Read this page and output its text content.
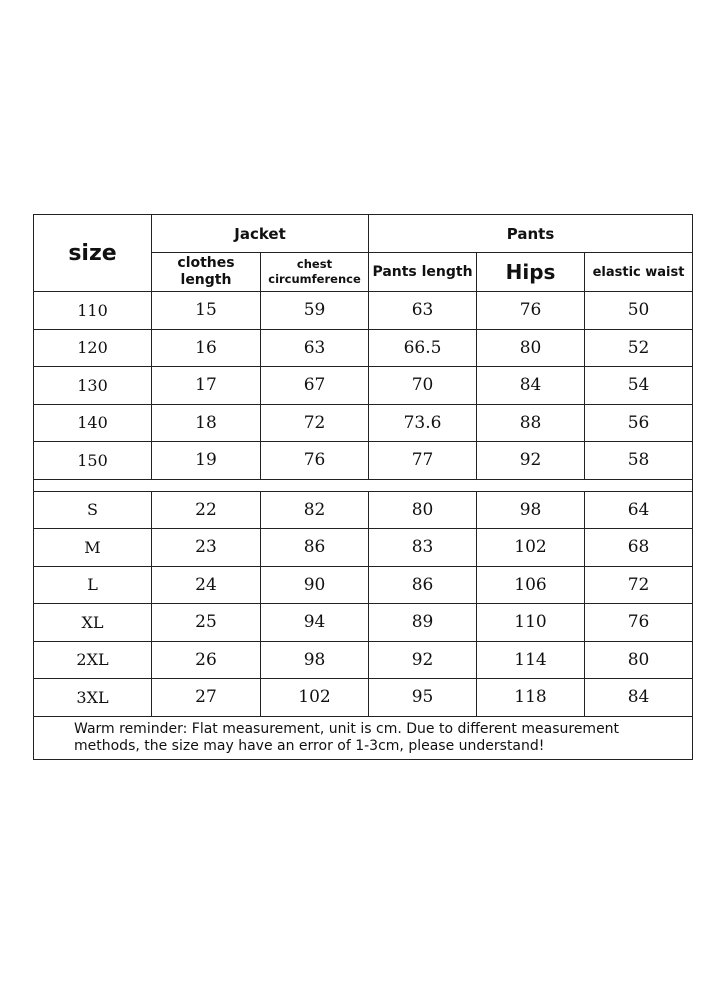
size	Jacket		Pants		
	clothes length	chest circumference	Pants length	Hips	elastic waist
110	15	59	63	76	50
120	16	63	66.5	80	52
130	17	67	70	84	54
140	18	72	73.6	88	56
150	19	76	77	92	58

S	22	82	80	98	64
M	23	86	83	102	68
L	24	90	86	106	72
XL	25	94	89	110	76
2XL	26	98	92	114	80
3XL	27	102	95	118	84
Warm reminder: Flat measurement, unit is cm. Due to different measurement methods, the size may have an error of 1-3cm, please understand!					
